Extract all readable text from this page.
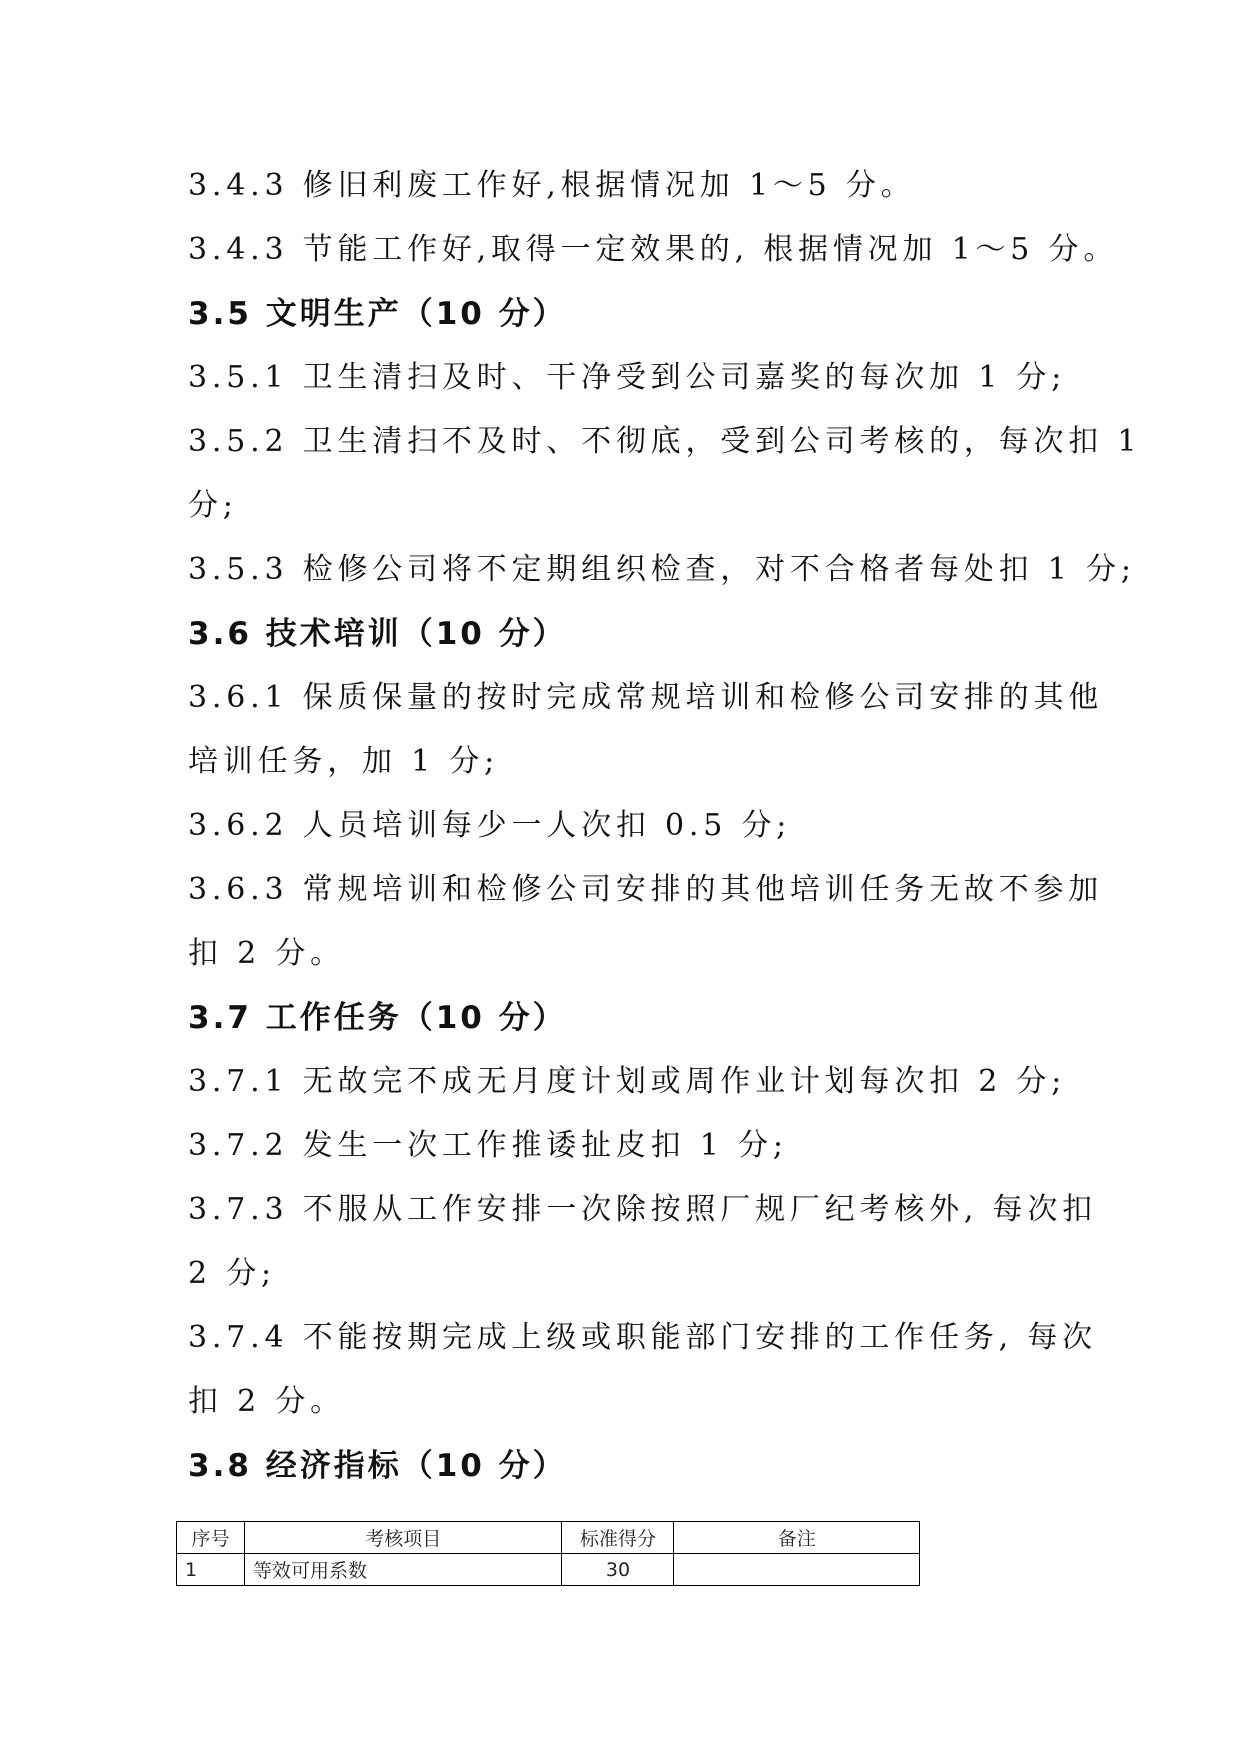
3.4.3 修旧利废工作好,根据情况加 1～5 分。
3.4.3 节能工作好,取得一定效果的, 根据情况加 1～5 分。
3.5 文明生产（10 分）
3.5.1 卫生清扫及时、干净受到公司嘉奖的每次加 1 分;
3.5.2 卫生清扫不及时、不彻底，受到公司考核的，每次扣 1
分;
3.5.3 检修公司将不定期组织检查，对不合格者每处扣 1 分;
3.6 技术培训（10 分）
3.6.1 保质保量的按时完成常规培训和检修公司安排的其他
培训任务，加 1 分;
3.6.2 人员培训每少一人次扣 0.5 分;
3.6.3 常规培训和检修公司安排的其他培训任务无故不参加
扣 2 分。
3.7 工作任务（10 分）
3.7.1 无故完不成无月度计划或周作业计划每次扣 2 分;
3.7.2 发生一次工作推诿扯皮扣 1 分;
3.7.3 不服从工作安排一次除按照厂规厂纪考核外, 每次扣
2 分;
3.7.4 不能按期完成上级或职能部门安排的工作任务, 每次
扣 2 分。
3.8 经济指标（10 分）
序号	考核项目	标准得分	备注
1	等效可用系数	30	
